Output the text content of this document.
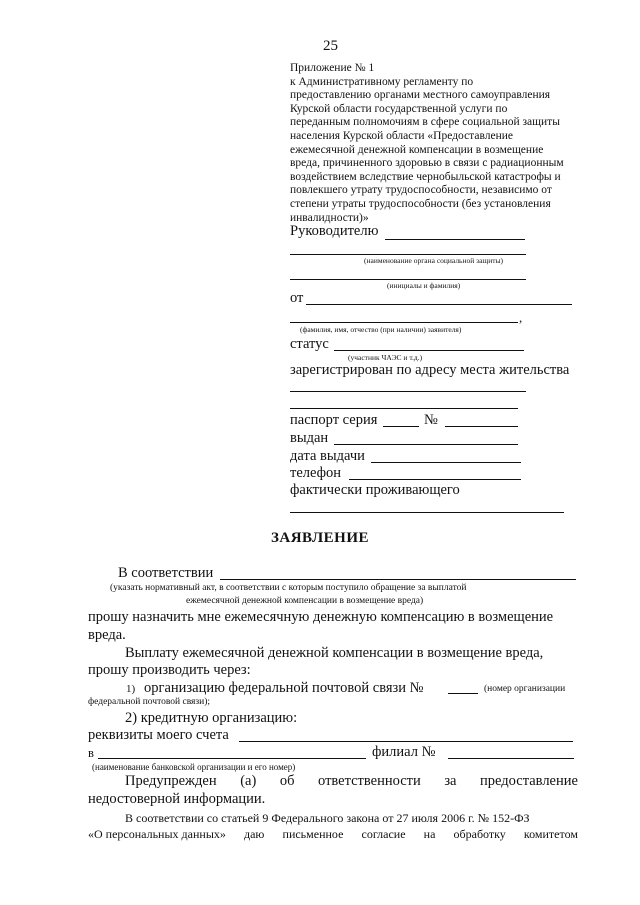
25
Приложение № 1
к Административному регламенту по
предоставлению органами местного самоуправления
Курской области государственной услуги по
переданным полномочиям в сфере социальной защиты
населения Курской области «Предоставление
ежемесячной денежной компенсации в возмещение
вреда, причиненного здоровью в связи с радиационным
воздействием вследствие чернобыльской катастрофы и
повлекшего утрату трудоспособности, независимо от
степени утраты трудоспособности (без установления
инвалидности)»
Руководителю
(наименование органа социальной защиты)
(инициалы и фамилия)
от
,
(фамилия, имя, отчество (при наличии) заявителя)
статус
(участник ЧАЭС и т.д.)
зарегистрирован по адресу места жительства
паспорт серия	№
выдан
дата выдачи
телефон
фактически проживающего
ЗАЯВЛЕНИЕ
В соответствии
(указать нормативный акт, в соответствии с которым поступило обращение за выплатой
ежемесячной денежной компенсации в возмещение вреда)
прошу назначить мне ежемесячную денежную компенсацию в возмещение
вреда.
Выплату ежемесячной денежной компенсации в возмещение вреда,
прошу производить через:
1) организацию федеральной почтовой связи №	(номер организации
федеральной почтовой связи);
2) кредитную организацию:
реквизиты моего счета
в	филиал №
(наименование банковской организации и его номер)
Предупрежден (а) об ответственности за предоставление
недостоверной информации.
В соответствии со статьей 9 Федерального закона от 27 июля 2006 г. № 152-ФЗ
«О персональных данных» даю письменное согласие на обработку комитетом
